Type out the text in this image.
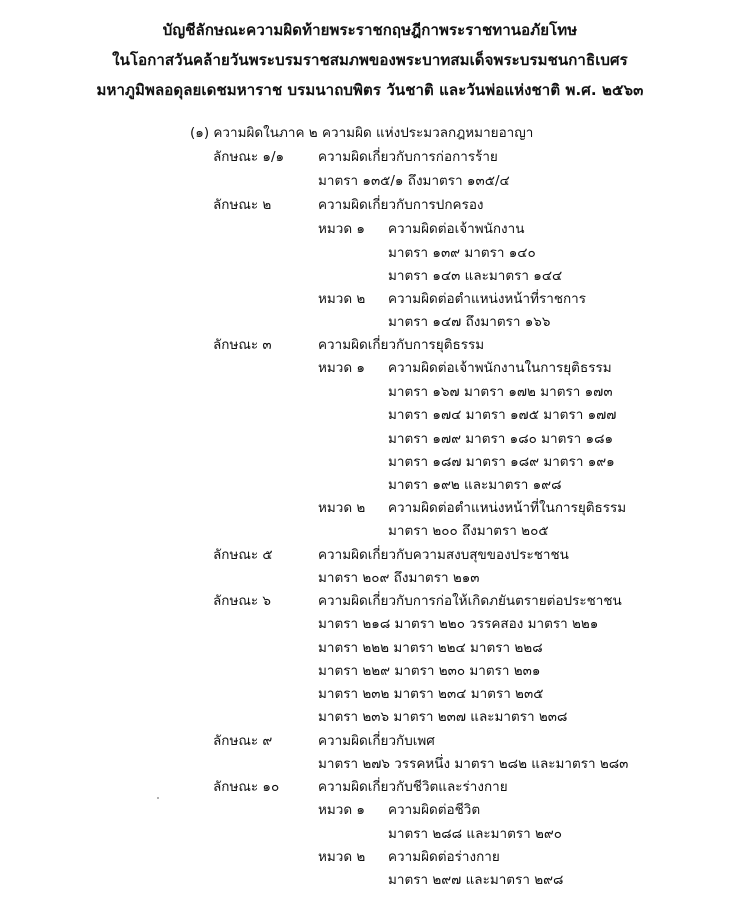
บัญชีลักษณะความผิดท้ายพระราชกฤษฎีกาพระราชทานอภัยโทษ
ในโอกาสวันคล้ายวันพระบรมราชสมภพของพระบาทสมเด็จพระบรมชนกาธิเบศร
มหาภูมิพลอดุลยเดชมหาราช บรมนาถบพิตร วันชาติ และวันพ่อแห่งชาติ พ.ศ. ๒๕๖๓
(๑) ความผิดในภาค ๒ ความผิด แห่งประมวลกฎหมายอาญา
ลักษณะ ๑/๑	ความผิดเกี่ยวกับการก่อการร้าย
มาตรา ๑๓๕/๑ ถึงมาตรา ๑๓๕/๔
ลักษณะ ๒	ความผิดเกี่ยวกับการปกครอง
หมวด ๑ ความผิดต่อเจ้าพนักงาน
มาตรา ๑๓๙ มาตรา ๑๔๐
มาตรา ๑๔๓ และมาตรา ๑๔๔
หมวด ๒ ความผิดต่อตำแหน่งหน้าที่ราชการ
มาตรา ๑๔๗ ถึงมาตรา ๑๖๖
ลักษณะ ๓	ความผิดเกี่ยวกับการยุติธรรม
หมวด ๑ ความผิดต่อเจ้าพนักงานในการยุติธรรม
มาตรา ๑๖๗ มาตรา ๑๗๒ มาตรา ๑๗๓
มาตรา ๑๗๔ มาตรา ๑๗๕ มาตรา ๑๗๗
มาตรา ๑๗๙ มาตรา ๑๘๐ มาตรา ๑๘๑
มาตรา ๑๘๗ มาตรา ๑๘๙ มาตรา ๑๙๑
มาตรา ๑๙๒ และมาตรา ๑๙๘
หมวด ๒ ความผิดต่อตำแหน่งหน้าที่ในการยุติธรรม
มาตรา ๒๐๐ ถึงมาตรา ๒๐๕
ลักษณะ ๕	ความผิดเกี่ยวกับความสงบสุขของประชาชน
มาตรา ๒๐๙ ถึงมาตรา ๒๑๓
ลักษณะ ๖	ความผิดเกี่ยวกับการก่อให้เกิดภยันตรายต่อประชาชน
มาตรา ๒๑๘ มาตรา ๒๒๐ วรรคสอง มาตรา ๒๒๑
มาตรา ๒๒๒ มาตรา ๒๒๔ มาตรา ๒๒๘
มาตรา ๒๒๙ มาตรา ๒๓๐ มาตรา ๒๓๑
มาตรา ๒๓๒ มาตรา ๒๓๔ มาตรา ๒๓๕
มาตรา ๒๓๖ มาตรา ๒๓๗ และมาตรา ๒๓๘
ลักษณะ ๙	ความผิดเกี่ยวกับเพศ
มาตรา ๒๗๖ วรรคหนึ่ง มาตรา ๒๘๒ และมาตรา ๒๘๓
ลักษณะ ๑๐	ความผิดเกี่ยวกับชีวิตและร่างกาย
หมวด ๑ ความผิดต่อชีวิต
มาตรา ๒๘๘ และมาตรา ๒๙๐
หมวด ๒ ความผิดต่อร่างกาย
มาตรา ๒๙๗ และมาตรา ๒๙๘
